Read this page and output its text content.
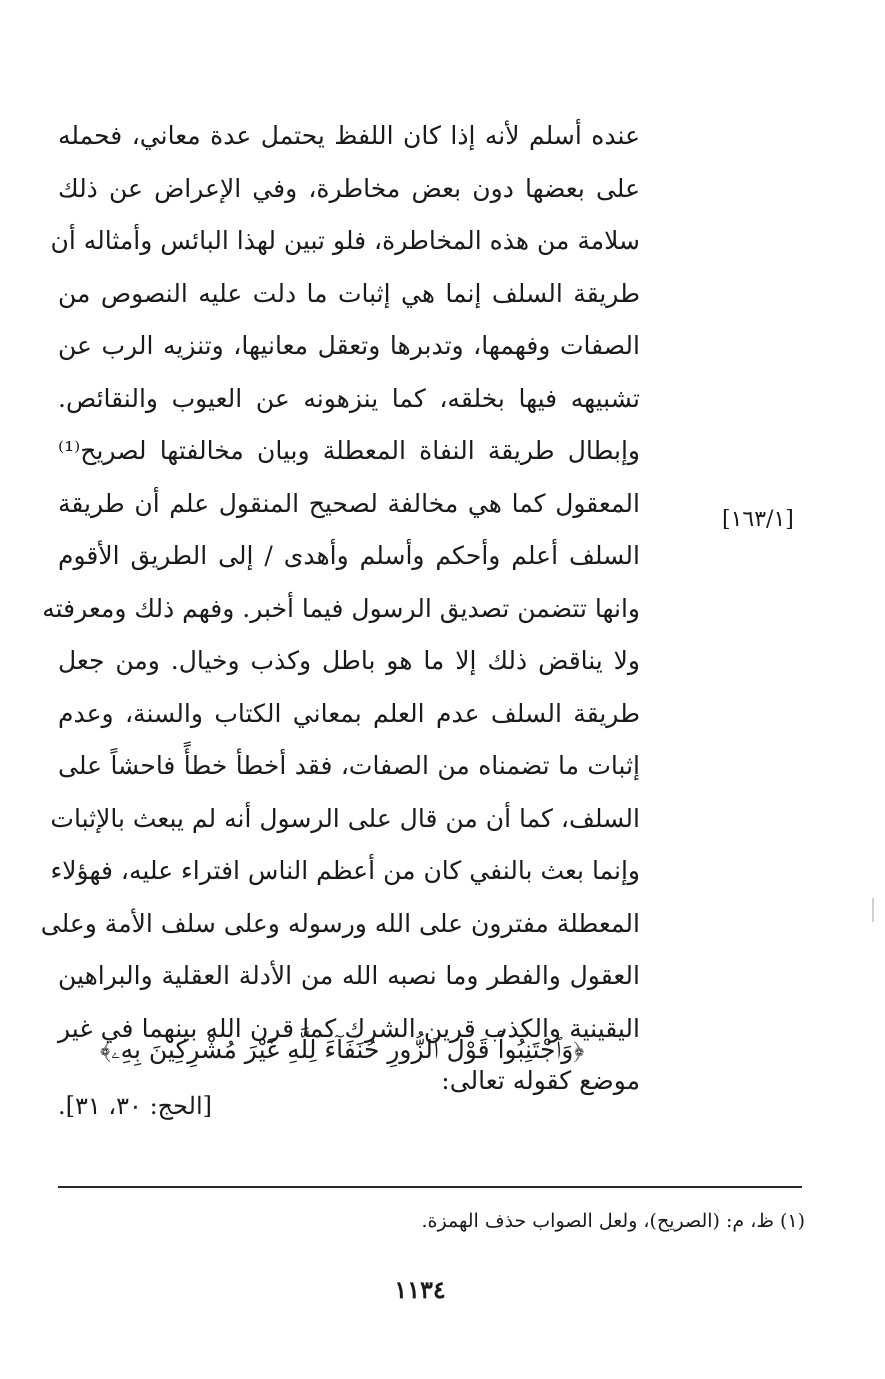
عنده أسلم لأنه إذا كان اللفظ يحتمل عدة معاني، فحمله
على بعضها دون بعض مخاطرة، وفي الإعراض عن ذلك
سلامة من هذه المخاطرة، فلو تبين لهذا البائس وأمثاله أن
طريقة السلف إنما هي إثبات ما دلت عليه النصوص من
الصفات وفهمها، وتدبرها وتعقل معانيها، وتنزيه الرب عن
تشبيهه فيها بخلقه، كما ينزهونه عن العيوب والنقائص.
وإبطال طريقة النفاة المعطلة وبيان مخالفتها لصريح⁽¹⁾
المعقول كما هي مخالفة لصحيح المنقول علم أن طريقة
السلف أعلم وأحكم وأسلم وأهدى / إلى الطريق الأقوم
وانها تتضمن تصديق الرسول فيما أخبر. وفهم ذلك ومعرفته
ولا يناقض ذلك إلا ما هو باطل وكذب وخيال. ومن جعل
طريقة السلف عدم العلم بمعاني الكتاب والسنة، وعدم
إثبات ما تضمناه من الصفات، فقد أخطأ خطأً فاحشاً على
السلف، كما أن من قال على الرسول أنه لم يبعث بالإثبات
وإنما بعث بالنفي كان من أعظم الناس افتراء عليه، فهؤلاء
المعطلة مفترون على الله ورسوله وعلى سلف الأمة وعلى
العقول والفطر وما نصبه الله من الأدلة العقلية والبراهين
اليقينية والكذب قرين الشرك كما قرن الله بينهما في غير
موضع كقوله تعالى:
[١٦٣/١]
﴿وَٱجْتَنِبُواْ قَوْلَ ٱلزُّورِ حُنَفَآءَ لِلَّهِ غَيْرَ مُشْرِكِينَ بِهِۦ﴾
[الحج: ٣٠، ٣١].
(١) ظ، م: (الصريح)، ولعل الصواب حذف الهمزة.
١١٣٤
